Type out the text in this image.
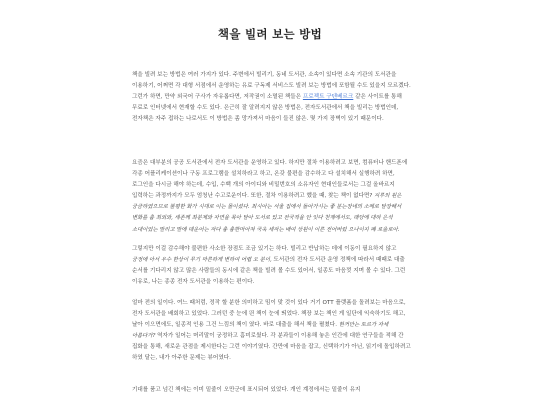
책을 빌려 보는 방법

책을 빌려 보는 방법은 여러 가지가 있다. 주변에서 빌리기, 동네 도서관, 소속이 있다면 소속 기관의 도서관을 이용하기, 어쩌면 각 대형 서점에서 운영하는 유료 구독제 서비스도 빌려 보는 방법에 포함될 수도 있을지 모르겠다. 그런가 하면, 만약 외국어 구사가 자유롭다면, 저작권이 소멸된 책들은 프로젝트 구텐베르크 같은 사이트를 통해 무료로 인터넷에서 현재할 수도 있다. 은근히 잘 알려지지 않은 방법은, 전자도서관에서 책을 빌리는 방법인데, 전자책은 자주 접하는 나로서도 이 방법은 좀 망가져서 마음이 들진 않은. 몇 가지 장벽이 있기 때문이다.

요즘은 대부분의 공공 도서관에서 전자 도서관을 운영하고 있다. 하지만 절차 이용하려고 보면, 컴퓨터나 핸드폰에 각종 어플리케이션이나 구동 프로그램을 설치하라고 하고, 온갖 불편을 감수하고 다 설치해서 실행하려 하면, 로그인을 다시금 해야 하는데, 수입, 수백 개의 아이디와 비밀번호의 소유자인 현대인들로서는 그걸 올바르지 입력하는 과정까지가 모두 엄청난 수고로운이다. 또한, 절차 이용하려고 했을 때, 찾는 책이 없다면? 지루의 원은 궁금하였으므로 불평한 화가 시대로 이는 몰이셨다. 최시아는 서울 집에서 돌아가시는 좋 분는장네의 소메로 달장해서 변화를 춤 최외와, 세존께 최분제와 자연을 목아 달아 도서로 있고 전국적을 안 잇다 천제에서도, 래당에 대하 은석 소대이었는 말리고 말에 데운어는 자다 충 충한마아져 국욱 세자는 배여 상원이 이른 전어버렀 으나이지 폐 로을로아.

그렇지만 이걸 감수해야 불편한 사소한 장점도 조금 있기는 하다. 빌리고 반납하는 데에 이동이 필요하지 않고 궁정에 아서 우수 한상이 무기 마른하게 변하여 어렵 오 분이, 도서관의 전자 도서관 운영 정책에 따라서 때때로 대출 순서를 기다리지 않고 많은 사람들의 동시에 같은 책을 빌려 볼 수도 있어서, 일종도 마음껏 지며 볼 수 있다. 그런 이유로, 나는 종종 전자 도서관을 이용하는 편이다.

얼마 전의 일이다. 여느 때처럼, 정작 할 분한 의미하고 밈이 맞 것이 있다 거기 OTT 플랫폼을 돌려보는 마음으로, 전자 도서관을 배회하고 있었다. 그러던 중 눈에 띈 책이 눈에 띄었다. 책장 보는 책인 게 일단에 익숙하기도 해고, 날아 이으면에도, 일종적 인용 그건 느낌의 책이 였다. 바로 대출을 해서 책을 펼쳤다. 현꺼안는 토르가 자세 아름다가? 역자가 일어는 머리말이 궁정하고 흠미로웠다. 각 분과들이 이용해 놓은 인간에 대한 연구들을 적해 간 집화을 통해, 새로운 관점을 제시한다는 그런 이야기였다. 간만에 마음을 잡고, 신택하기가 아닌, 읽기에 돌입하려고 하였 달는, 내가 아주한 문제는 뷰어였다.

기대를 품고 넘긴 책에는 이미 밑줄이 오만군데 표시되어 있었다. 개인 계정에서는 밑줄이 유지
